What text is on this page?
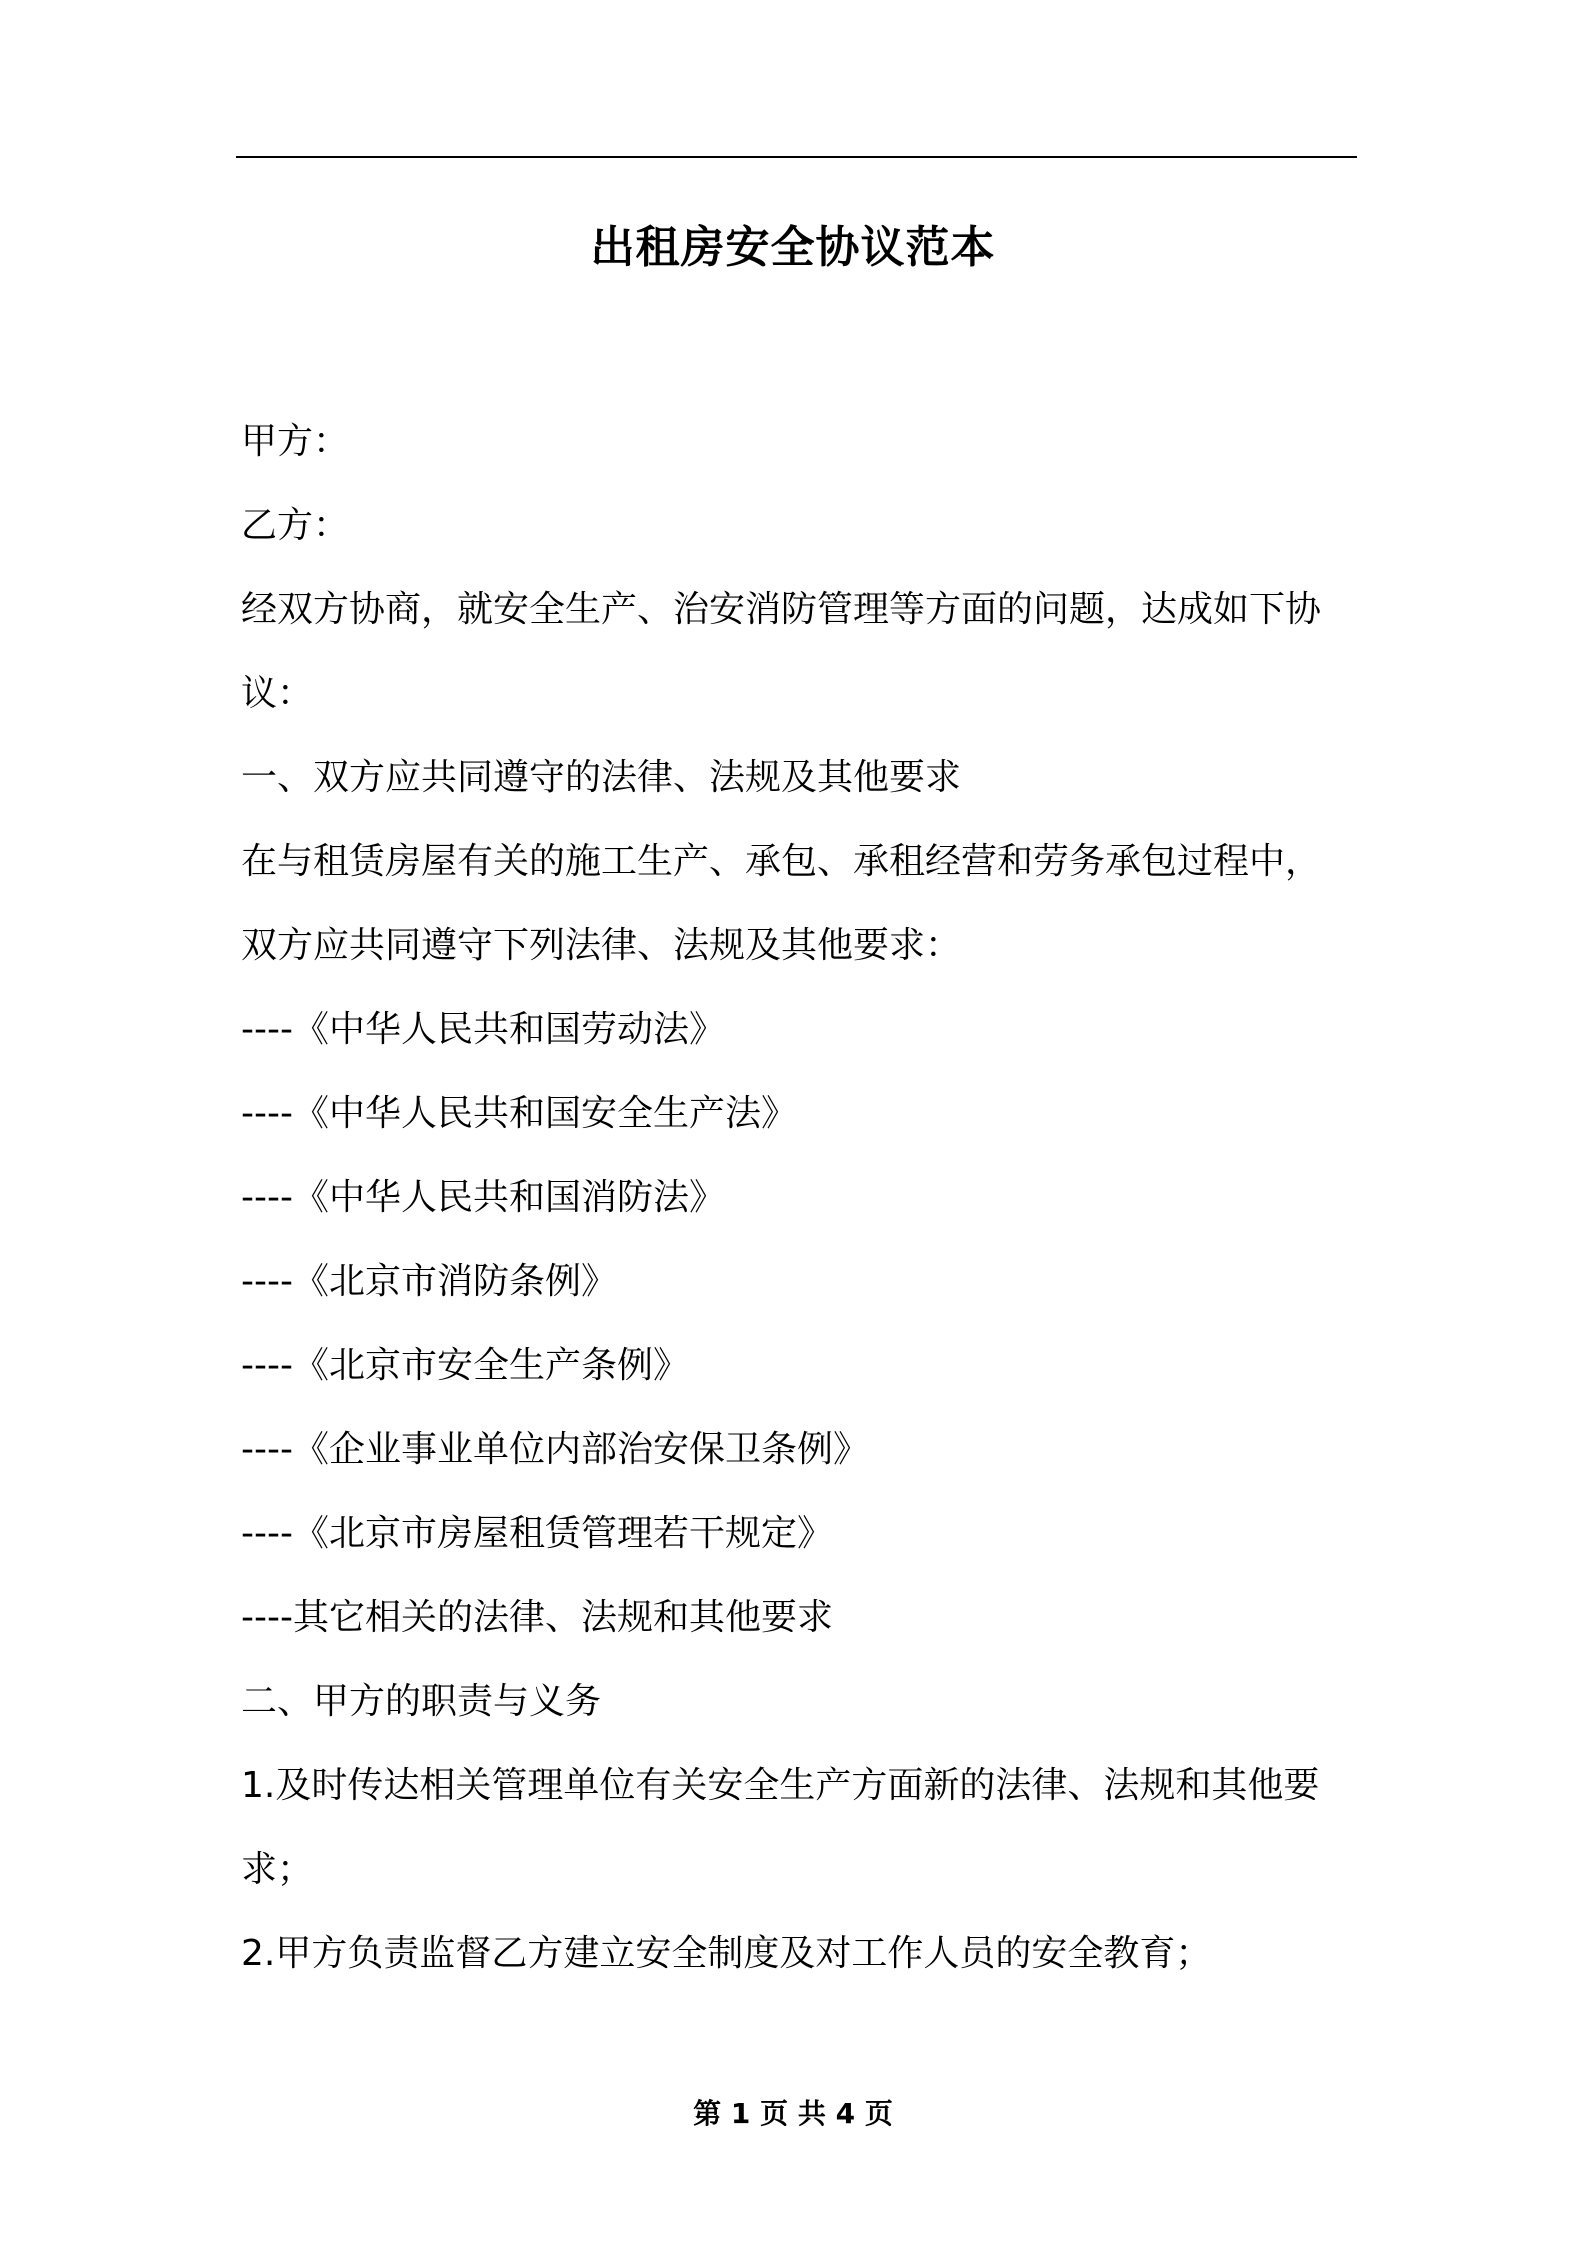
出租房安全协议范本

甲方：

乙方：

经双方协商，就安全生产、治安消防管理等方面的问题，达成如下协

议：

一、双方应共同遵守的法律、法规及其他要求

在与租赁房屋有关的施工生产、承包、承租经营和劳务承包过程中，

双方应共同遵守下列法律、法规及其他要求：

----《中华人民共和国劳动法》

----《中华人民共和国安全生产法》

----《中华人民共和国消防法》

----《北京市消防条例》

----《北京市安全生产条例》

----《企业事业单位内部治安保卫条例》

----《北京市房屋租赁管理若干规定》

----其它相关的法律、法规和其他要求

二、甲方的职责与义务

1.及时传达相关管理单位有关安全生产方面新的法律、法规和其他要

求；

2.甲方负责监督乙方建立安全制度及对工作人员的安全教育；

第 1 页 共 4 页
